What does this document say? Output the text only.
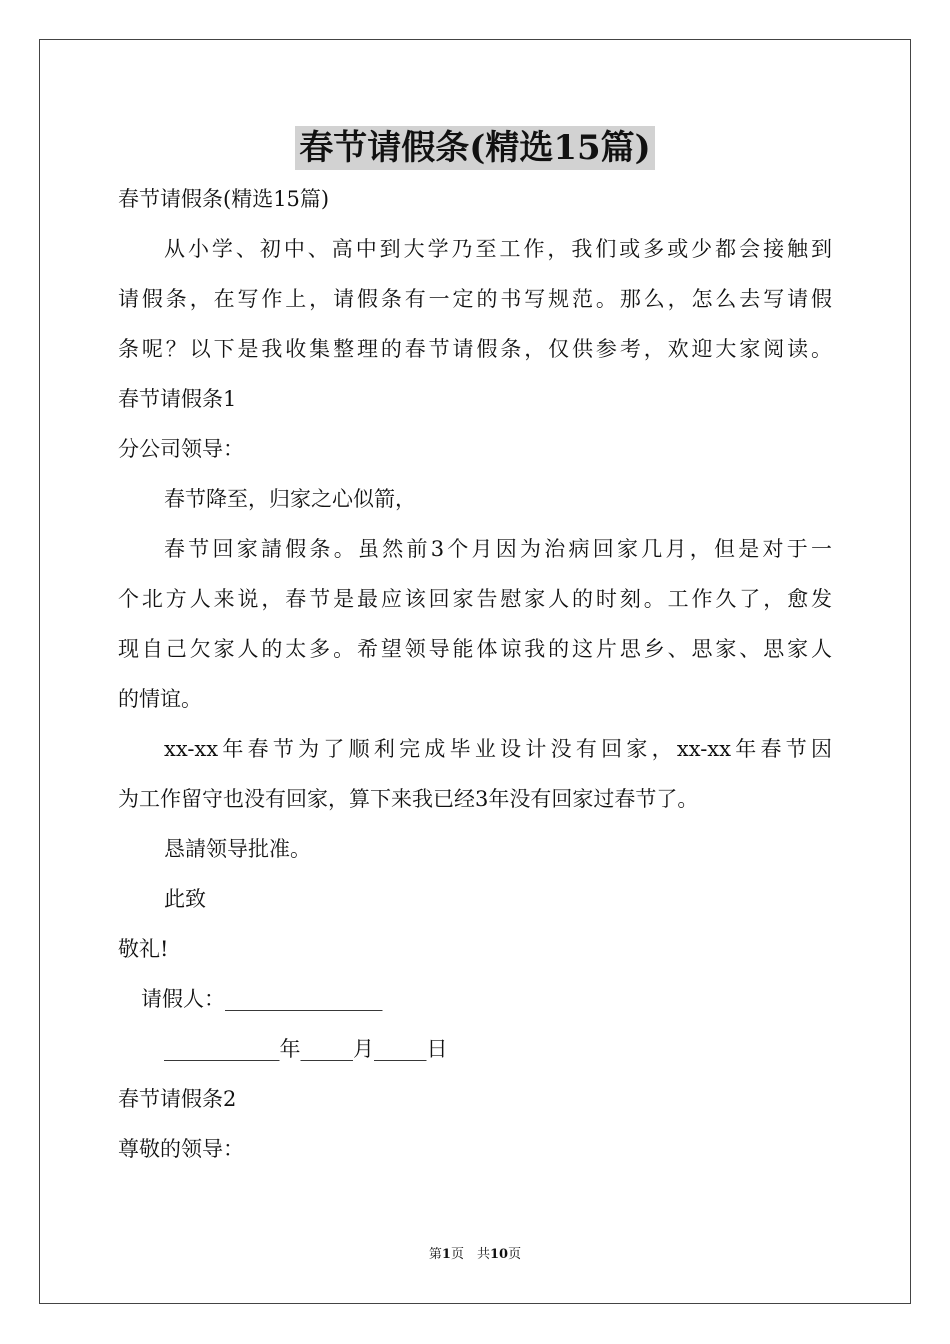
春节请假条(精选15篇)
春节请假条(精选15篇)
从小学、初中、高中到大学乃至工作，我们或多或少都会接触到
请假条，在写作上，请假条有一定的书写规范。那么，怎么去写请假
条呢？以下是我收集整理的春节请假条，仅供参考，欢迎大家阅读。
春节请假条1
分公司领导：
春节降至，归家之心似箭，
春节回家請假条。虽然前3个月因为治病回家几月，但是对于一
个北方人来说，春节是最应该回家告慰家人的时刻。工作久了，愈发
现自己欠家人的太多。希望领导能体谅我的这片思乡、思家、思家人
的情谊。
xx-xx年春节为了顺利完成毕业设计没有回家，xx-xx年春节因
为工作留守也没有回家，算下来我已经3年没有回家过春节了。
恳請领导批准。
此致
敬礼!
请假人：_______________
___________年_____月_____日
春节请假条2
尊敬的领导：
第1页　共10页
